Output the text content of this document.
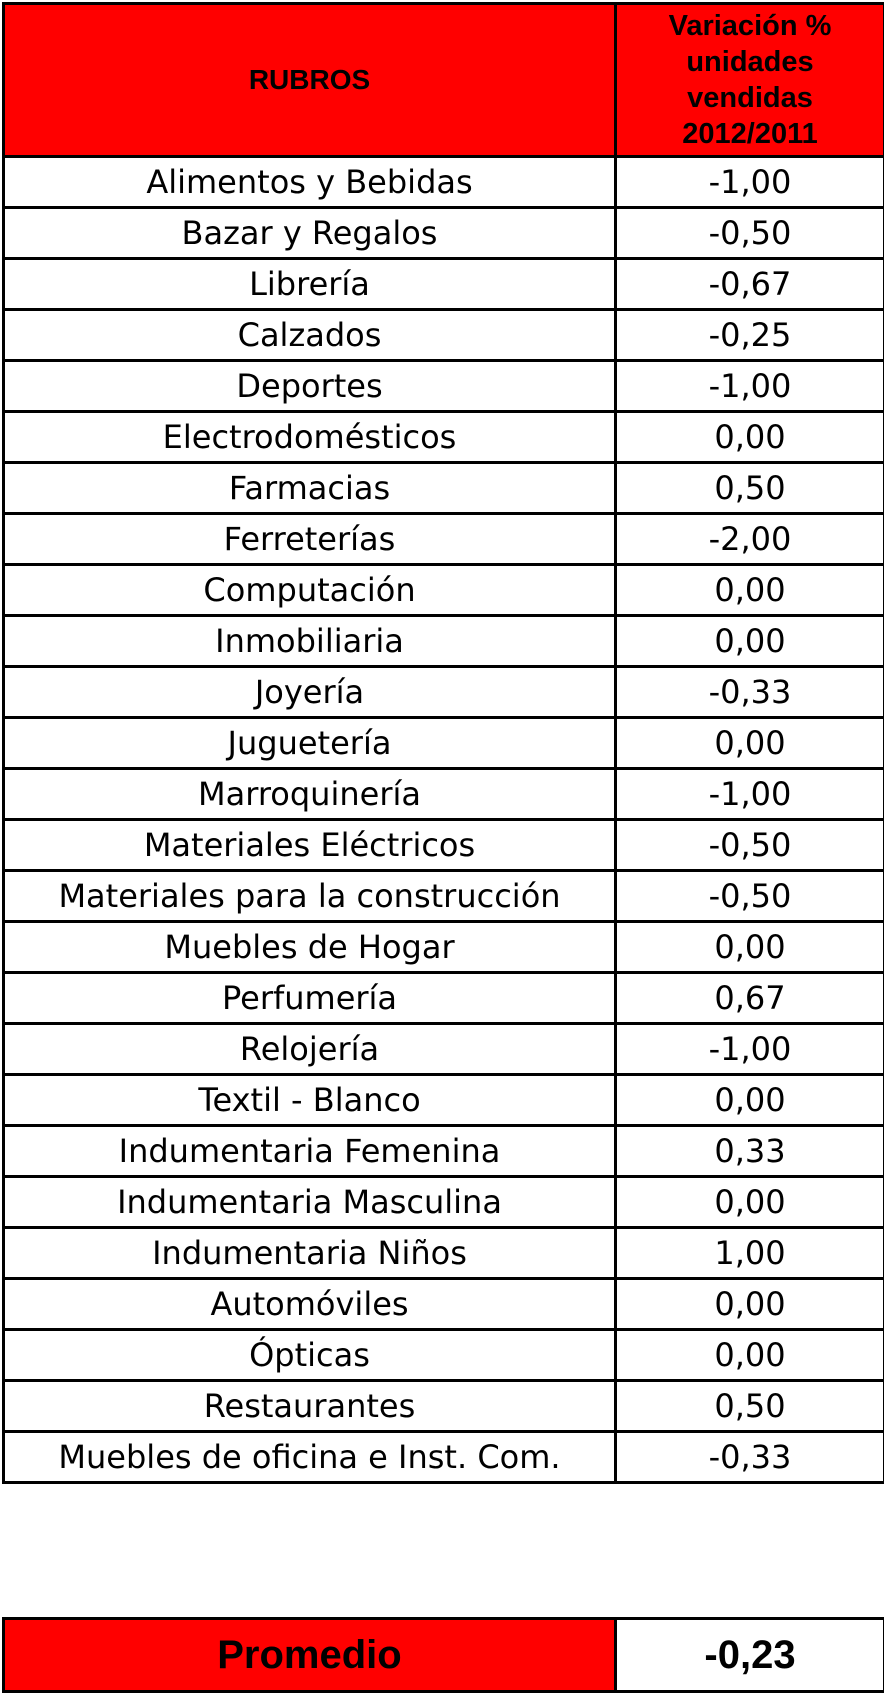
RUBROS	Variación %
unidades
vendidas
2012/2011

Alimentos y Bebidas	-1,00
Bazar y Regalos	-0,50
Librería	-0,67
Calzados	-0,25
Deportes	-1,00
Electrodomésticos	0,00
Farmacias	0,50
Ferreterías	-2,00
Computación	0,00
Inmobiliaria	0,00
Joyería	-0,33
Juguetería	0,00
Marroquinería	-1,00
Materiales Eléctricos	-0,50
Materiales para la construcción	-0,50
Muebles de Hogar	0,00
Perfumería	0,67
Relojería	-1,00
Textil - Blanco	0,00
Indumentaria Femenina	0,33
Indumentaria Masculina	0,00
Indumentaria Niños	1,00
Automóviles	0,00
Ópticas	0,00
Restaurantes	0,50
Muebles de oficina e Inst. Com.	-0,33
Promedio	-0,23
